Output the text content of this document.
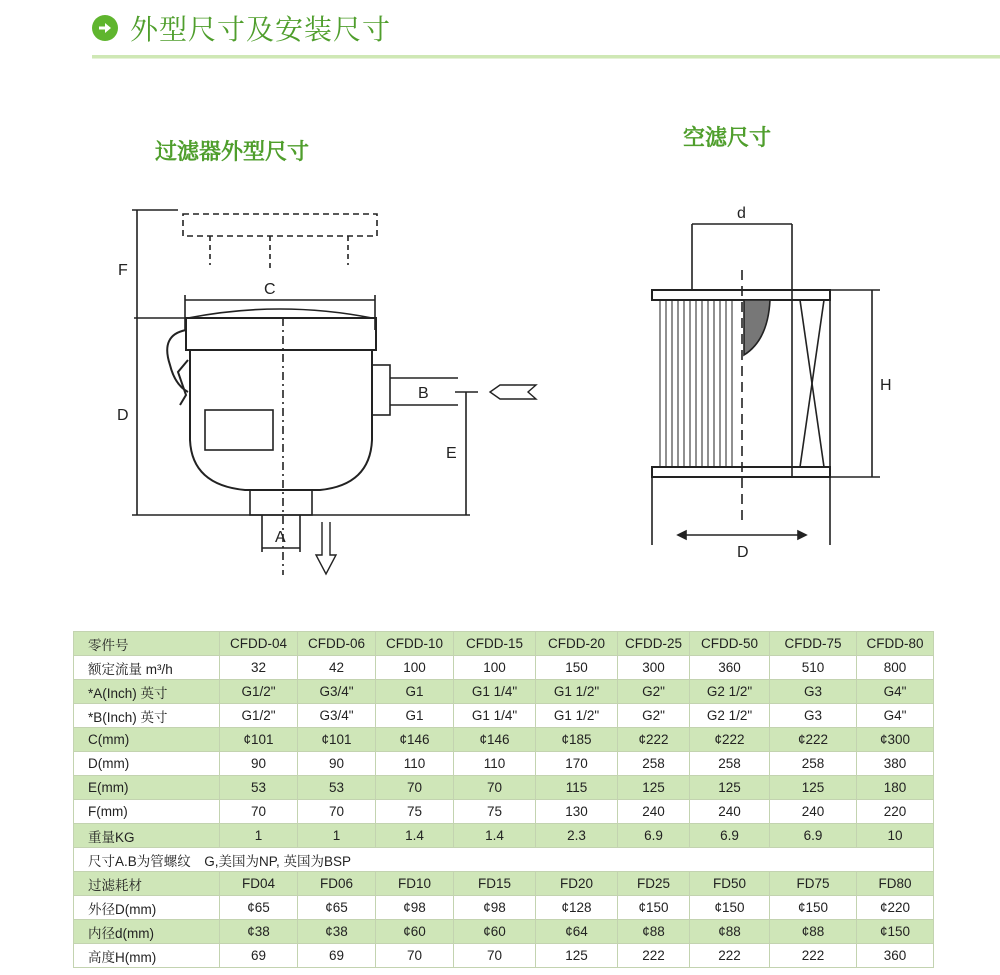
外型尺寸及安装尺寸
过滤器外型尺寸
空滤尺寸
F
C
B
D
E
A
d
H
D
零件号	CFDD-04	CFDD-06	CFDD-10	CFDD-15	CFDD-20	CFDD-25	CFDD-50	CFDD-75	CFDD-80
额定流量 m³/h	32	42	100	100	150	300	360	510	800
*A(Inch) 英寸	G1/2"	G3/4"	G1	G1 1/4"	G1 1/2"	G2"	G2 1/2"	G3	G4"
*B(Inch) 英寸	G1/2"	G3/4"	G1	G1 1/4"	G1 1/2"	G2"	G2 1/2"	G3	G4"
C(mm)	¢101	¢101	¢146	¢146	¢185	¢222	¢222	¢222	¢300
D(mm)	90	90	110	110	170	258	258	258	380
E(mm)	53	53	70	70	115	125	125	125	180
F(mm)	70	70	75	75	130	240	240	240	220
重量KG	1	1	1.4	1.4	2.3	6.9	6.9	6.9	10
尺寸A.B为管螺纹　G,美国为NP, 英国为BSP									
过滤耗材	FD04	FD06	FD10	FD15	FD20	FD25	FD50	FD75	FD80
外径D(mm)	¢65	¢65	¢98	¢98	¢128	¢150	¢150	¢150	¢220
内径d(mm)	¢38	¢38	¢60	¢60	¢64	¢88	¢88	¢88	¢150
高度H(mm)	69	69	70	70	125	222	222	222	360
